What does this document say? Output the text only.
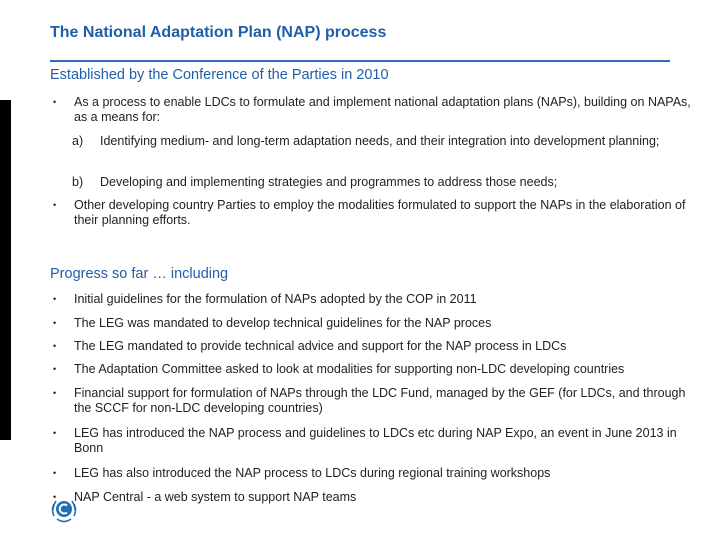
The National Adaptation Plan (NAP) process
Established by the Conference of the Parties in 2010
• As a process to enable LDCs to formulate and implement national adaptation plans (NAPs), building on NAPAs, as a means for:
a) Identifying medium- and long-term adaptation needs, and their integration into development planning;
b) Developing and implementing strategies and programmes to address those needs;
• Other developing country Parties to employ the modalities formulated to support the NAPs in the elaboration of their planning efforts.
Progress so far … including
• Initial guidelines for the formulation of NAPs adopted by the COP in 2011
• The LEG was mandated to develop technical guidelines for the NAP proces
• The LEG mandated to provide technical advice and support for the NAP process in LDCs
• The Adaptation Committee asked to look at modalities for supporting non-LDC developing countries
• Financial support for formulation of NAPs through the LDC Fund, managed by the GEF (for LDCs, and through the SCCF for non-LDC developing countries)
• LEG has introduced the NAP process and guidelines to LDCs etc during NAP Expo, an event in June 2013 in Bonn
• LEG has also introduced the NAP process to LDCs during regional training workshops
• NAP Central - a web system to support NAP teams
